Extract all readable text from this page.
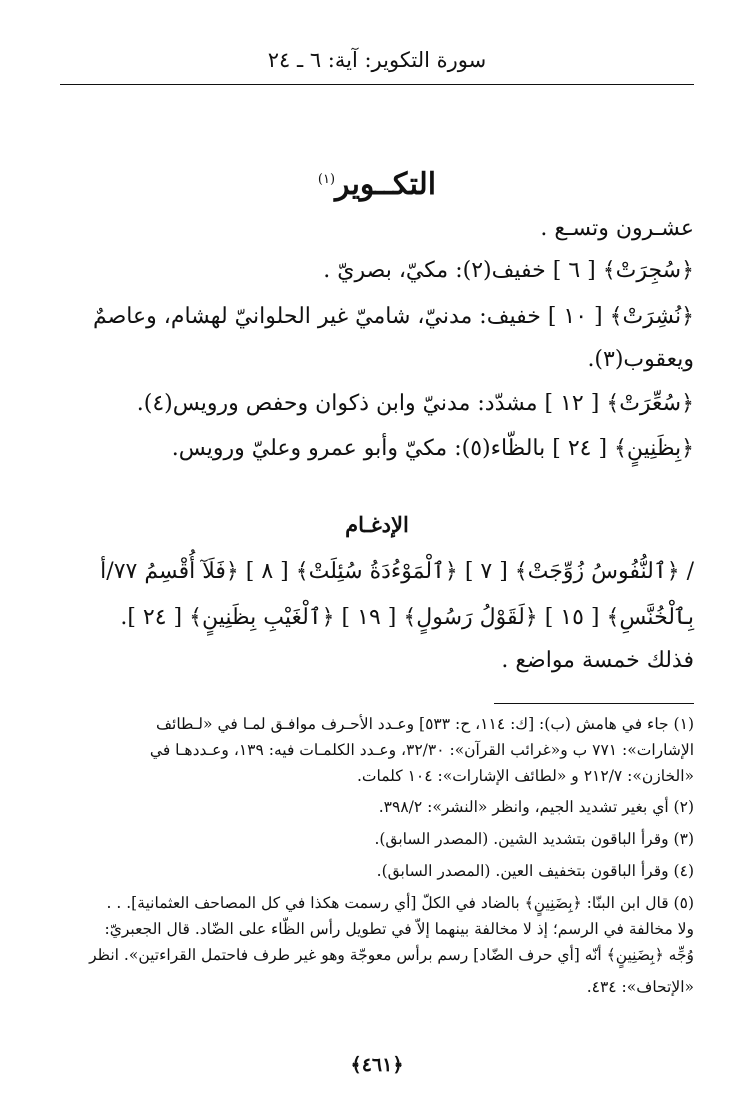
سورة التكوير: آية: ٦ ـ ٢٤
التكــوير$^{(١)}$
عشـرون وتسـع .
﴿سُجِرَتْ﴾ [ ٦ ] خفيف(٢): مكيّ، بصريّ .
﴿نُشِرَتْ﴾ [ ١٠ ] خفيف: مدنيّ، شاميّ غير الحلوانيّ لهشام، وعاصمٌ
ويعقوب(٣).
﴿سُعِّرَتْ﴾ [ ١٢ ] مشدّد: مدنيّ وابن ذكوان وحفص ورويس(٤).
﴿بِظَنِينٍ﴾ [ ٢٤ ] بالظّاء(٥): مكيّ وأبو عمرو وعليّ ورويس.
الإدغـام
/ ﴿ٱلنُّفُوسُ زُوِّجَتْ﴾ [ ٧ ] ﴿ٱلْمَوْءُدَةُ سُئِلَتْ﴾ [ ٨ ] ﴿فَلَآ أُقْسِمُ ٧٧/أ
بِٱلْخُنَّسِ﴾ [ ١٥ ] ﴿لَقَوْلُ رَسُولٍ﴾ [ ١٩ ] ﴿ٱلْغَيْبِ بِظَنِينٍ﴾ [ ٢٤ ].
فذلك خمسة مواضع .
(١) جاء في هامش (ب): [ك: ١١٤، ح: ٥٣٣] وعـدد الأحـرف موافـق لمـا في «لـطائف
الإشارات»: ٧٧١ ب و«غرائب القرآن»: ٣٢/٣٠، وعـدد الكلمـات فيه: ١٣٩، وعـددهـا في
«الخازن»: ٢١٢/٧ و «لطائف الإشارات»: ١٠٤ كلمات.
(٢) أي بغير تشديد الجيم، وانظر «النشر»: ٣٩٨/٢.
(٣) وقرأ الباقون بتشديد الشين. (المصدر السابق).
(٤) وقرأ الباقون بتخفيف العين. (المصدر السابق).
(٥) قال ابن البنّا: ﴿بِضَنِينٍ﴾ بالضاد في الكلّ [أي رسمت هكذا في كل المصاحف العثمانية]. . .
ولا مخالفة في الرسم؛ إذ لا مخالفة بينهما إلاّ في تطويل رأس الظّاء على الضّاد. قال الجعبريّ:
وُجِّه ﴿بِضَنِينٍ﴾ أنّه [أي حرف الضّاد] رسم برأس معوجّة وهو غير طرف فاحتمل القراءتين». انظر
«الإتحاف»: ٤٣٤.
﴿٤٦١﴾
